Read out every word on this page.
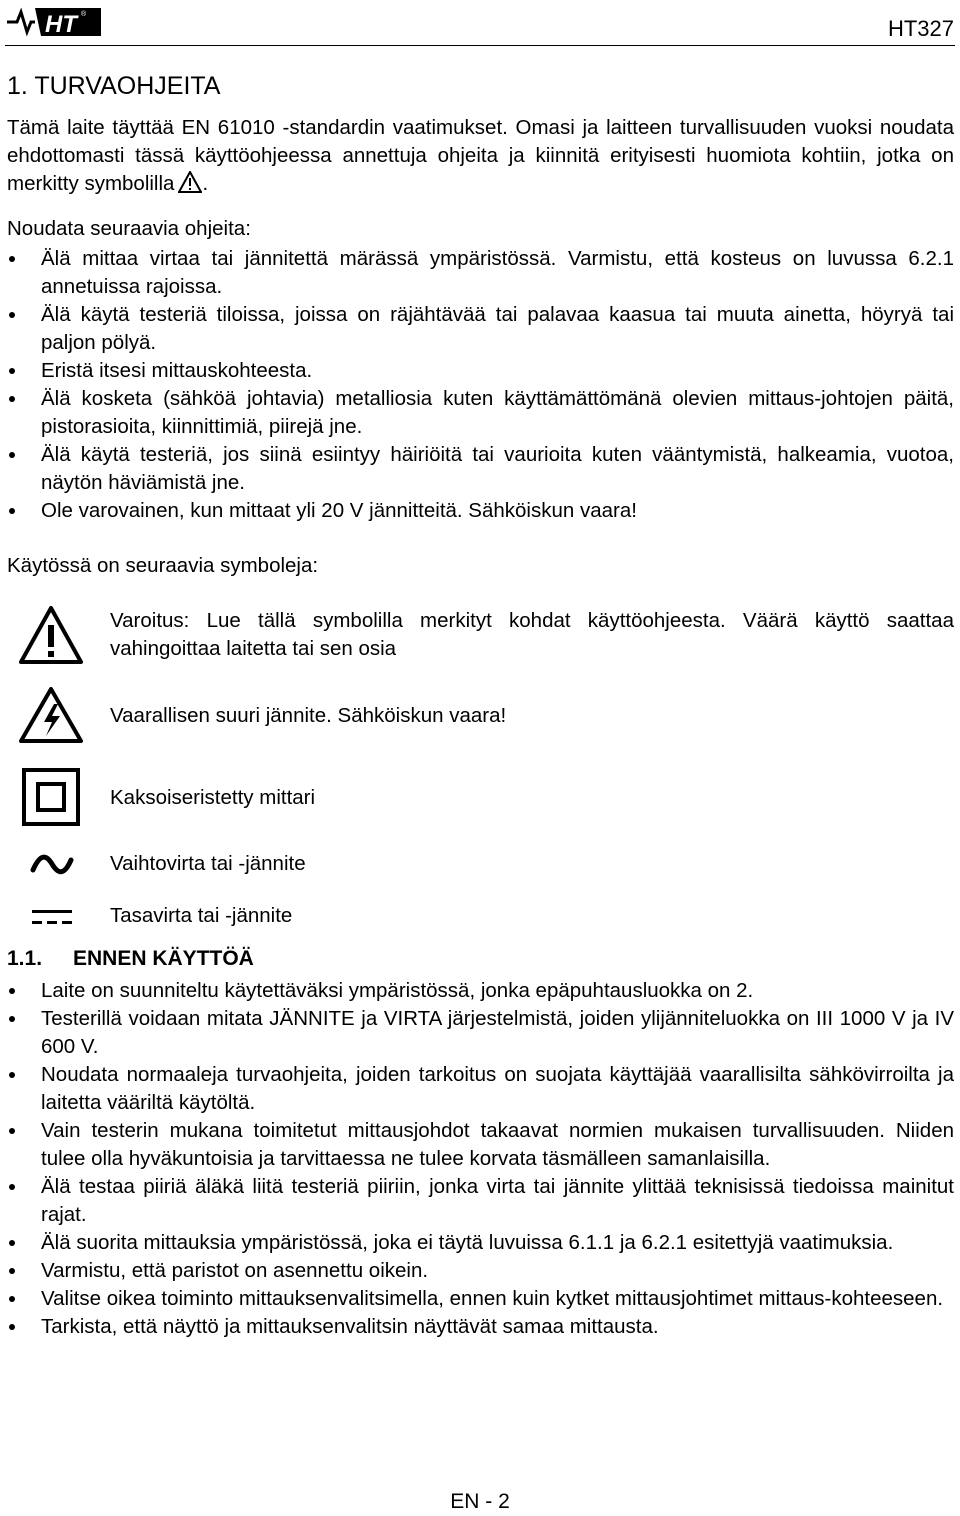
HT ®
HT327
1. TURVAOHJEITA
Tämä laite täyttää EN 61010 -standardin vaatimukset. Omasi ja laitteen turvallisuuden vuoksi noudata ehdottomasti tässä käyttöohjeessa annettuja ohjeita ja kiinnitä erityisesti huomiota kohtiin, jotka on merkitty symbolilla .
Noudata seuraavia ohjeita:
Älä mittaa virtaa tai jännitettä märässä ympäristössä. Varmistu, että kosteus on luvussa 6.2.1 annetuissa rajoissa.
Älä käytä testeriä tiloissa, joissa on räjähtävää tai palavaa kaasua tai muuta ainetta, höyryä tai paljon pölyä.
Eristä itsesi mittauskohteesta.
Älä kosketa (sähköä johtavia) metalliosia kuten käyttämättömänä olevien mittaus-johtojen päitä, pistorasioita, kiinnittimiä, piirejä jne.
Älä käytä testeriä, jos siinä esiintyy häiriöitä tai vaurioita kuten vääntymistä, halkeamia, vuotoa, näytön häviämistä jne.
Ole varovainen, kun mittaat yli 20 V jännitteitä. Sähköiskun vaara!
Käytössä on seuraavia symboleja:
Varoitus: Lue tällä symbolilla merkityt kohdat käyttöohjeesta. Väärä käyttö saattaa vahingoittaa laitetta tai sen osia
Vaarallisen suuri jännite. Sähköiskun vaara!
Kaksoiseristetty mittari
Vaihtovirta tai -jännite
Tasavirta tai -jännite
1.1. ENNEN KÄYTTÖÄ
Laite on suunniteltu käytettäväksi ympäristössä, jonka epäpuhtausluokka on 2.
Testerillä voidaan mitata JÄNNITE ja VIRTA järjestelmistä, joiden ylijänniteluokka on III 1000 V ja IV 600 V.
Noudata normaaleja turvaohjeita, joiden tarkoitus on suojata käyttäjää vaarallisilta sähkövirroilta ja laitetta vääriltä käytöltä.
Vain testerin mukana toimitetut mittausjohdot takaavat normien mukaisen turvallisuuden. Niiden tulee olla hyväkuntoisia ja tarvittaessa ne tulee korvata täsmälleen samanlaisilla.
Älä testaa piiriä äläkä liitä testeriä piiriin, jonka virta tai jännite ylittää teknisissä tiedoissa mainitut rajat.
Älä suorita mittauksia ympäristössä, joka ei täytä luvuissa 6.1.1 ja 6.2.1 esitettyjä vaatimuksia.
Varmistu, että paristot on asennettu oikein.
Valitse oikea toiminto mittauksenvalitsimella, ennen kuin kytket mittausjohtimet mittaus-kohteeseen.
Tarkista, että näyttö ja mittauksenvalitsin näyttävät samaa mittausta.
EN - 2
